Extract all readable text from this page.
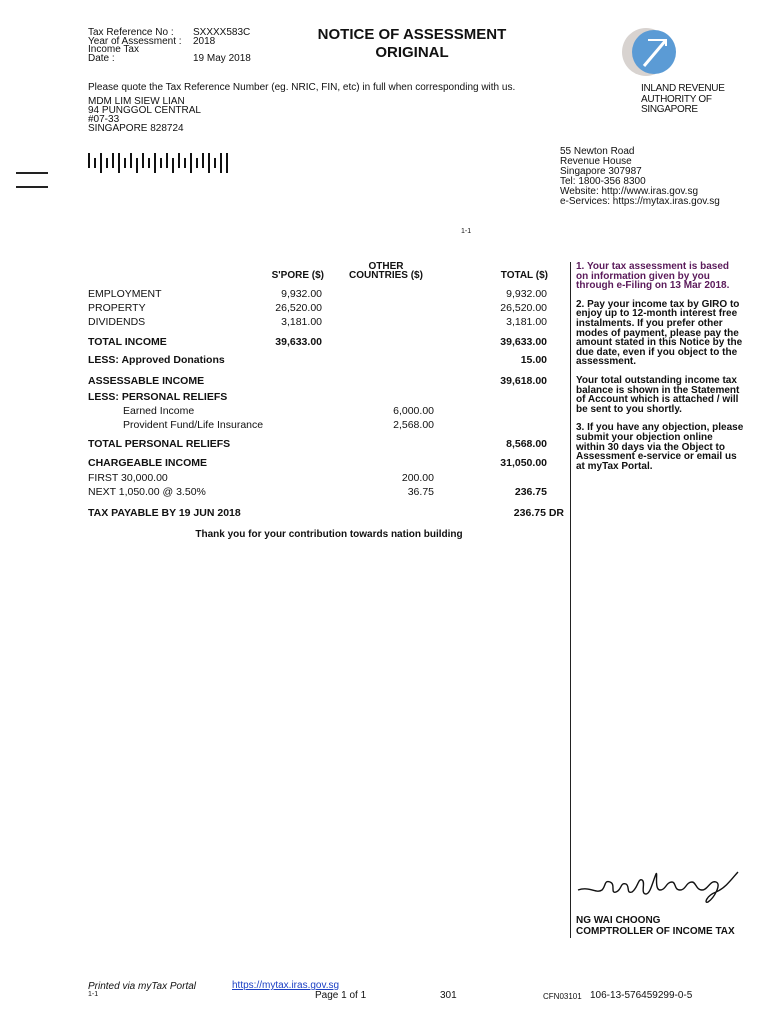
Tax Reference No :	SXXXX583C
Year of Assessment :	2018
Income Tax
Date :	19 May 2018
NOTICE OF ASSESSMENT
ORIGINAL
INLAND REVENUE
AUTHORITY OF
SINGAPORE
Please quote the Tax Reference Number (eg. NRIC, FIN, etc) in full when corresponding with us.
MDM LIM SIEW LIAN
94 PUNGGOL CENTRAL
#07-33
SINGAPORE 828724
55 Newton Road
Revenue House
Singapore 307987
Tel: 1800-356 8300
Website: http://www.iras.gov.sg
e-Services: https://mytax.iras.gov.sg
1-1
OTHER
COUNTRIES ($)
S'PORE ($)	TOTAL ($)
EMPLOYMENT	9,932.00	9,932.00
PROPERTY	26,520.00	26,520.00
DIVIDENDS	3,181.00	3,181.00
TOTAL INCOME	39,633.00	39,633.00
LESS: Approved Donations	15.00
ASSESSABLE INCOME	39,618.00
LESS: PERSONAL RELIEFS
Earned Income	6,000.00
Provident Fund/Life Insurance	2,568.00
TOTAL PERSONAL RELIEFS	8,568.00
CHARGEABLE INCOME	31,050.00
FIRST 30,000.00	200.00
NEXT 1,050.00 @ 3.50%	36.75	236.75
TAX PAYABLE BY 19 JUN 2018	236.75 DR
Thank you for your contribution towards nation building

1. Your tax assessment is based on information given by you through e-Filing on 13 Mar 2018.

2. Pay your income tax by GIRO to enjoy up to 12-month interest free instalments. If you prefer other modes of payment, please pay the amount stated in this Notice by the due date, even if you object to the assessment.

Your total outstanding income tax balance is shown in the Statement of Account which is attached / will be sent to you shortly.

3. If you have any objection, please submit your objection online within 30 days via the Object to Assessment e-service or email us at myTax Portal.

NG WAI CHOONG
COMPTROLLER OF INCOME TAX
Printed via myTax Portal	https://mytax.iras.gov.sg
1-1	Page 1 of 1	301	CFN03101 106-13-576459299-0-5
